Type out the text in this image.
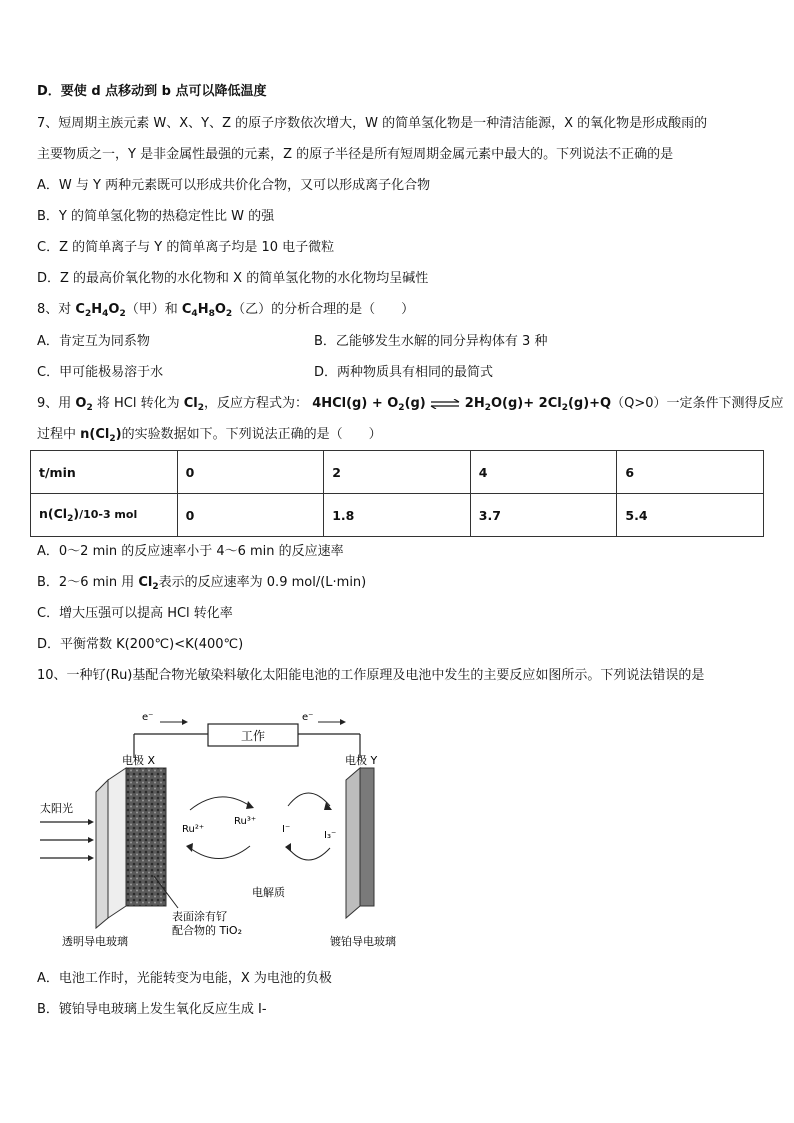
D．要使 d 点移动到 b 点可以降低温度
7、短周期主族元素 W、X、Y、Z 的原子序数依次增大，W 的简单氢化物是一种清洁能源，X 的氧化物是形成酸雨的
主要物质之一，Y 是非金属性最强的元素，Z 的原子半径是所有短周期金属元素中最大的。下列说法不正确的是
A．W 与 Y 两种元素既可以形成共价化合物，又可以形成离子化合物
B．Y 的简单氢化物的热稳定性比 W 的强
C．Z 的简单离子与 Y 的简单离子均是 10 电子微粒
D．Z 的最高价氧化物的水化物和 X 的简单氢化物的水化物均呈碱性
8、对 $C_2H_4O_2$（甲）和 $C_4H_8O_2$（乙）的分析合理的是（　　）
A．肯定互为同系物	B．乙能够发生水解的同分异构体有 3 种
C．甲可能极易溶于水	D．两种物质具有相同的最简式
9、用 $O_2$ 将 HCl 转化为 $Cl_2$，反应方程式为： $4HCl(g) + O_2(g)$ ⇌ $2H_2O(g)+ 2Cl_2(g)+Q(Q>0)$一定条件下测得反应
过程中 $n(Cl_2)$的实验数据如下。下列说法正确的是（　　）
t/min	0	2	4	6
$n(Cl_2)/10-3$ mol	0	1.8	3.7	5.4
A．0～2 min 的反应速率小于 4～6 min 的反应速率
B．2～6 min 用 $Cl_2$表示的反应速率为 0.9 mol/(L·min)
C．增大压强可以提高 HCl 转化率
D．平衡常数 K(200℃)<K(400℃)
10、一种钌(Ru)基配合物光敏染料敏化太阳能电池的工作原理及电池中发生的主要反应如图所示。下列说法错误的是
工作
e⁻	e⁻
电极 X	电极 Y
太阳光
Ru²⁺
Ru³⁺
I⁻
I₃⁻
电解质
表面涂有钌
配合物的 TiO₂
透明导电玻璃	镀铂导电玻璃
A．电池工作时，光能转变为电能，X 为电池的负极
B．镀铂导电玻璃上发生氧化反应生成 I-
